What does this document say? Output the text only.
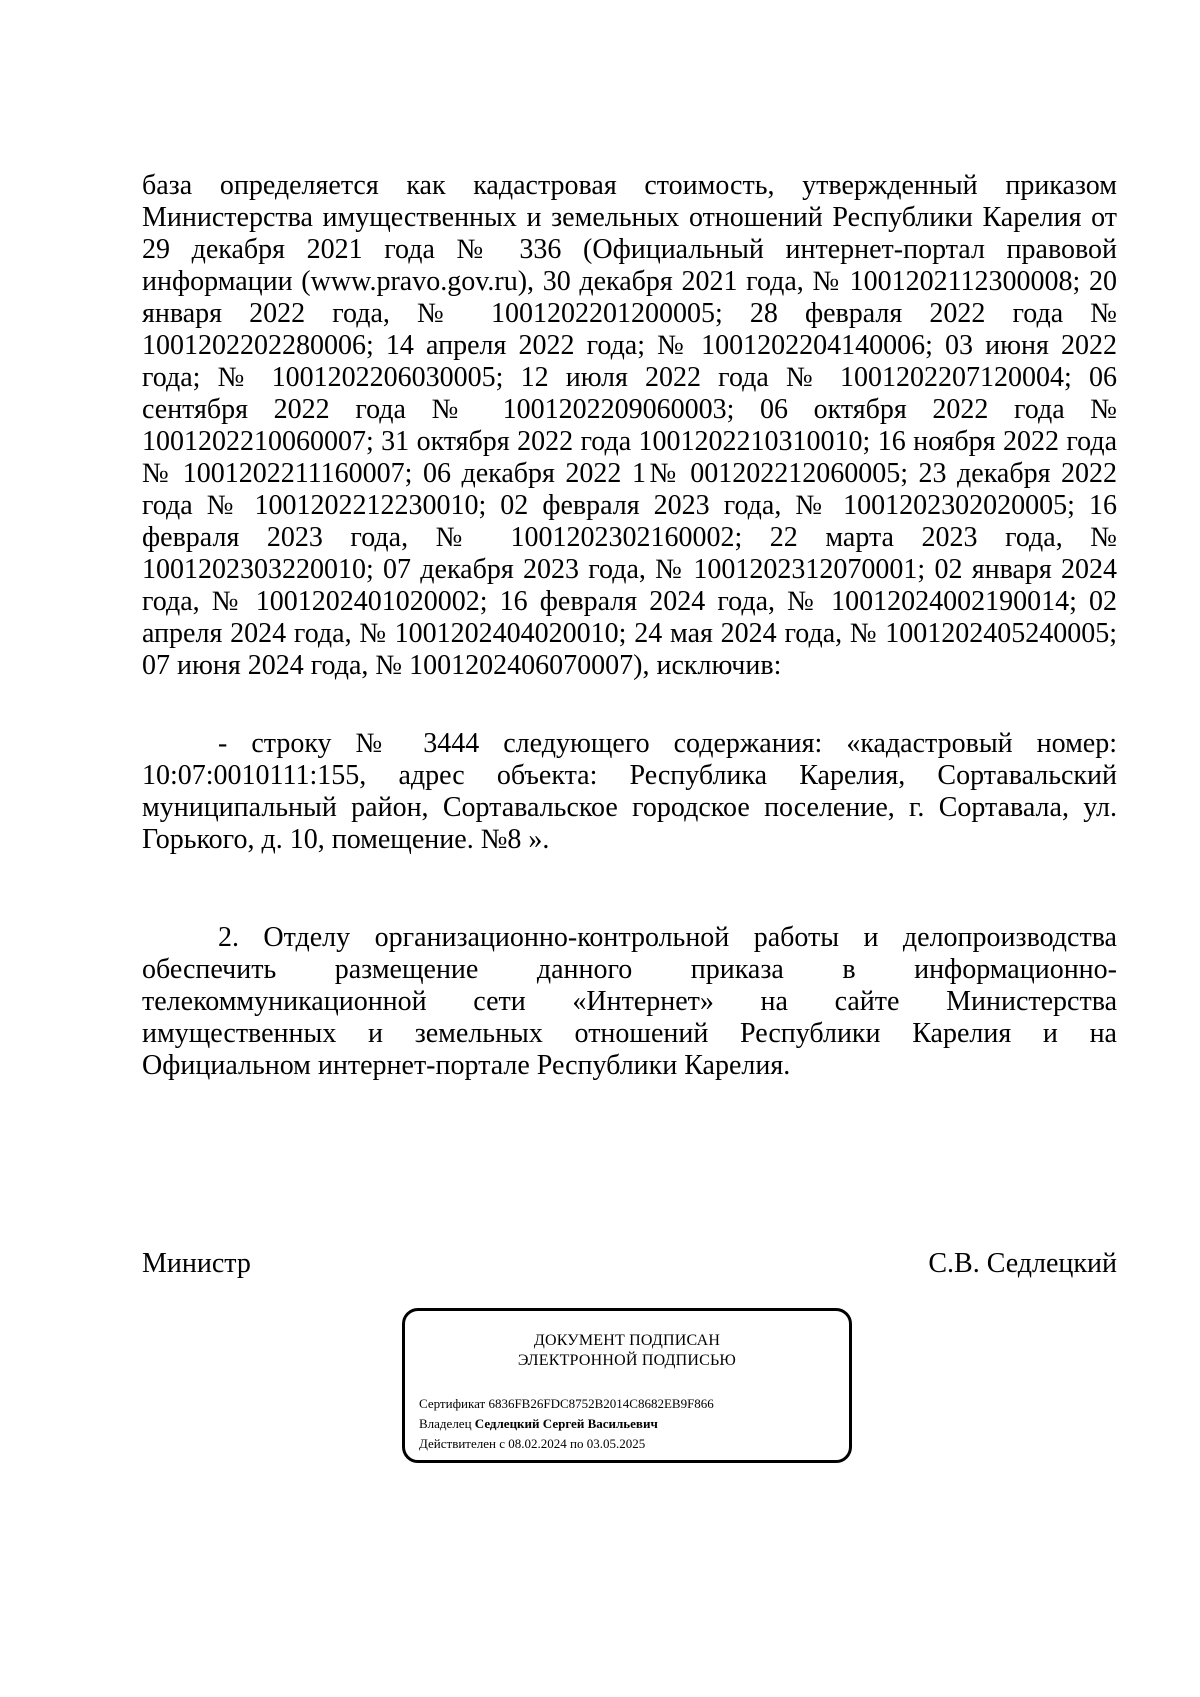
база определяется как кадастровая стоимость, утвержденный приказом Министерства имущественных и земельных отношений Республики Карелия от 29 декабря 2021 года № 336 (Официальный интернет-портал правовой информации (www.pravo.gov.ru), 30 декабря 2021 года, № 1001202112300008; 20 января 2022 года, № 1001202201200005; 28 февраля 2022 года № 1001202202280006; 14 апреля 2022 года; № 1001202204140006; 03 июня 2022 года; № 1001202206030005; 12 июля 2022 года № 1001202207120004; 06 сентября 2022 года № 1001202209060003; 06 октября 2022 года № 1001202210060007; 31 октября 2022 года 1001202210310010; 16 ноября 2022 года № 1001202211160007; 06 декабря 2022 1№ 001202212060005; 23 декабря 2022 года № 1001202212230010; 02 февраля 2023 года, № 1001202302020005; 16 февраля 2023 года, № 1001202302160002; 22 марта 2023 года, № 1001202303220010; 07 декабря 2023 года, № 1001202312070001; 02 января 2024 года, № 1001202401020002; 16 февраля 2024 года, № 10012024002190014; 02 апреля 2024 года, № 1001202404020010; 24 мая 2024 года, № 1001202405240005; 07 июня 2024 года, № 1001202406070007), исключив:

- строку № 3444 следующего содержания: «кадастровый номер: 10:07:0010111:155, адрес объекта: Республика Карелия, Сортавальский муниципальный район, Сортавальское городское поселение, г. Сортавала, ул. Горького, д. 10, помещение. №8 ».

2. Отделу организационно-контрольной работы и делопроизводства обеспечить размещение данного приказа в информационно-телекоммуникационной сети «Интернет» на сайте Министерства имущественных и земельных отношений Республики Карелия и на Официальном интернет-портале Республики Карелия.

Министр	С.В. Седлецкий
ДОКУМЕНТ ПОДПИСАН
ЭЛЕКТРОННОЙ ПОДПИСЬЮ
Сертификат 6836FB26FDC8752B2014C8682EB9F866
Владелец Седлецкий Сергей Васильевич
Действителен с 08.02.2024 по 03.05.2025
